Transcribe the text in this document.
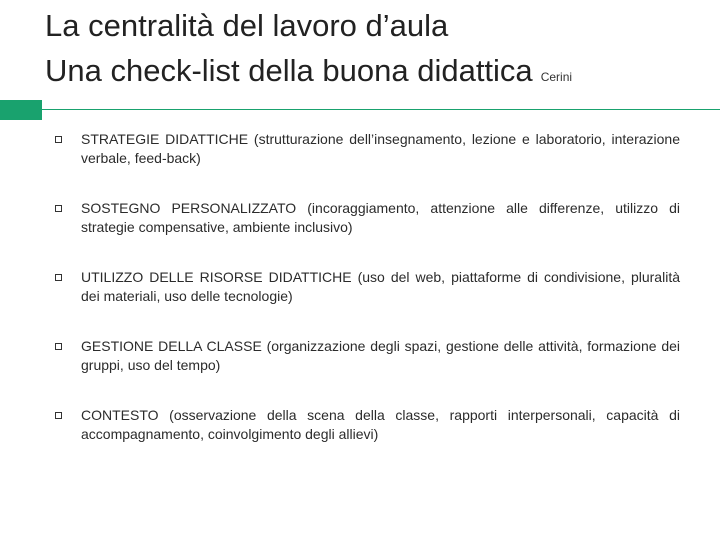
La centralità del lavoro d’aula
Una check-list della buona didattica Cerini
STRATEGIE DIDATTICHE (strutturazione dell’insegnamento, lezione e laboratorio, interazione verbale, feed-back)
SOSTEGNO PERSONALIZZATO (incoraggiamento, attenzione alle differenze, utilizzo di strategie compensative, ambiente inclusivo)
UTILIZZO DELLE RISORSE DIDATTICHE (uso del web, piattaforme di condivisione, pluralità dei materiali, uso delle tecnologie)
GESTIONE DELLA CLASSE (organizzazione degli spazi, gestione delle attività, formazione dei gruppi, uso del tempo)
CONTESTO (osservazione della scena della classe, rapporti interpersonali, capacità di accompagnamento, coinvolgimento degli allievi)
